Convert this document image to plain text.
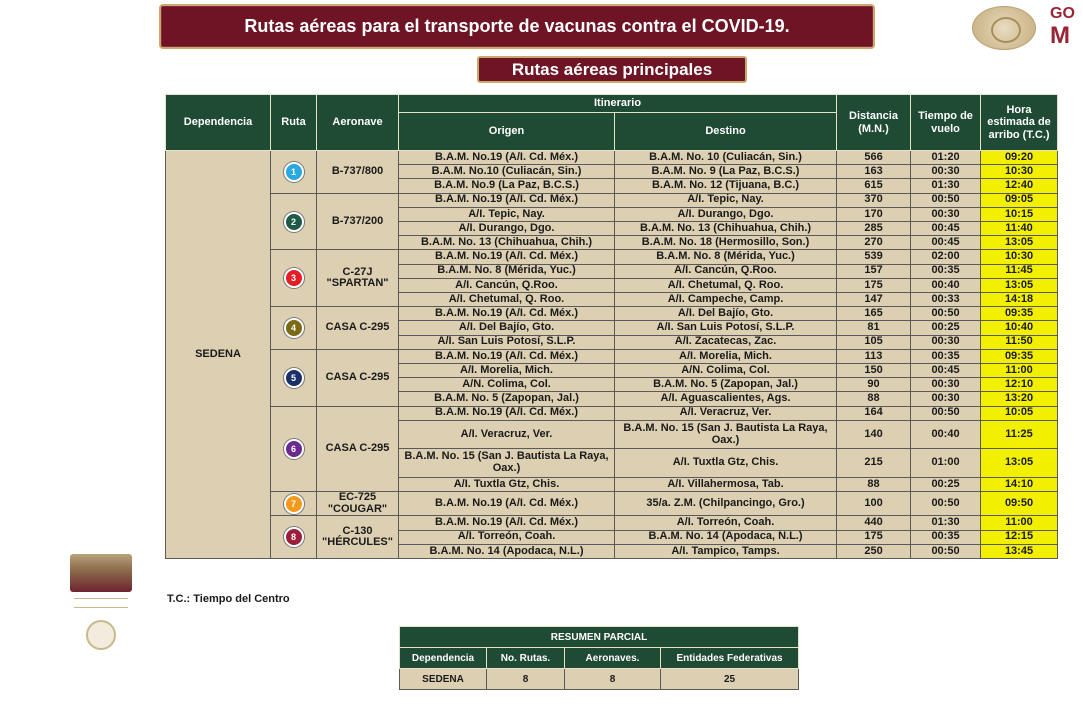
Rutas aéreas para el transporte de vacunas contra el COVID-19.
Rutas aéreas principales
GO
M
Dependencia	Ruta	Aeronave	Itinerario		Distancia (M.N.)	Tiempo de vuelo	Hora estimada de arribo (T.C.)
			Origen	Destino			
SEDENA	1	B-737/800	B.A.M. No.19 (A/I. Cd. Méx.)	B.A.M. No. 10 (Culiacán, Sin.)	566	01:20	09:20
			B.A.M. No.10 (Culiacán, Sin.)	B.A.M. No. 9 (La Paz, B.C.S.)	163	00:30	10:30
			B.A.M. No.9 (La Paz, B.C.S.)	B.A.M. No. 12 (Tijuana, B.C.)	615	01:30	12:40
	2	B-737/200	B.A.M. No.19 (A/I. Cd. Méx.)	A/I. Tepic, Nay.	370	00:50	09:05
			A/I. Tepic, Nay.	A/I. Durango, Dgo.	170	00:30	10:15
			A/I. Durango, Dgo.	B.A.M. No. 13 (Chihuahua, Chih.)	285	00:45	11:40
			B.A.M. No. 13 (Chihuahua, Chih.)	B.A.M. No. 18 (Hermosillo, Son.)	270	00:45	13:05
	3	C-27J "SPARTAN"	B.A.M. No.19 (A/I. Cd. Méx.)	B.A.M. No. 8 (Mérida, Yuc.)	539	02:00	10:30
			B.A.M. No. 8 (Mérida, Yuc.)	A/I. Cancún, Q.Roo.	157	00:35	11:45
			A/I. Cancún, Q.Roo.	A/I. Chetumal, Q. Roo.	175	00:40	13:05
			A/I. Chetumal, Q. Roo.	A/I. Campeche, Camp.	147	00:33	14:18
	4	CASA C-295	B.A.M. No.19 (A/I. Cd. Méx.)	A/I. Del Bajío, Gto.	165	00:50	09:35
			A/I. Del Bajío, Gto.	A/I. San Luis Potosí, S.L.P.	81	00:25	10:40
			A/I. San Luis Potosí, S.L.P.	A/I. Zacatecas, Zac.	105	00:30	11:50
	5	CASA C-295	B.A.M. No.19 (A/I. Cd. Méx.)	A/I. Morelia, Mich.	113	00:35	09:35
			A/I. Morelia, Mich.	A/N. Colima, Col.	150	00:45	11:00
			A/N. Colima, Col.	B.A.M. No. 5 (Zapopan, Jal.)	90	00:30	12:10
			B.A.M. No. 5 (Zapopan, Jal.)	A/I. Aguascalientes, Ags.	88	00:30	13:20
	6	CASA C-295	B.A.M. No.19 (A/I. Cd. Méx.)	A/I. Veracruz, Ver.	164	00:50	10:05
			A/I. Veracruz, Ver.	B.A.M. No. 15 (San J. Bautista La Raya, Oax.)	140	00:40	11:25
			B.A.M. No. 15 (San J. Bautista La Raya, Oax.)	A/I. Tuxtla Gtz, Chis.	215	01:00	13:05
			A/I. Tuxtla Gtz, Chis.	A/I. Villahermosa, Tab.	88	00:25	14:10
	7	EC-725 "COUGAR"	B.A.M. No.19 (A/I. Cd. Méx.)	35/a. Z.M. (Chilpancingo, Gro.)	100	00:50	09:50
	8	C-130 "HÉRCULES"	B.A.M. No.19 (A/I. Cd. Méx.)	A/I. Torreón, Coah.	440	01:30	11:00
			A/I. Torreón, Coah.	B.A.M. No. 14 (Apodaca, N.L.)	175	00:35	12:15
			B.A.M. No. 14 (Apodaca, N.L.)	A/I. Tampico, Tamps.	250	00:50	13:45
T.C.: Tiempo del Centro
RESUMEN PARCIAL			
Dependencia	No. Rutas.	Aeronaves.	Entidades Federativas
SEDENA	8	8	25
